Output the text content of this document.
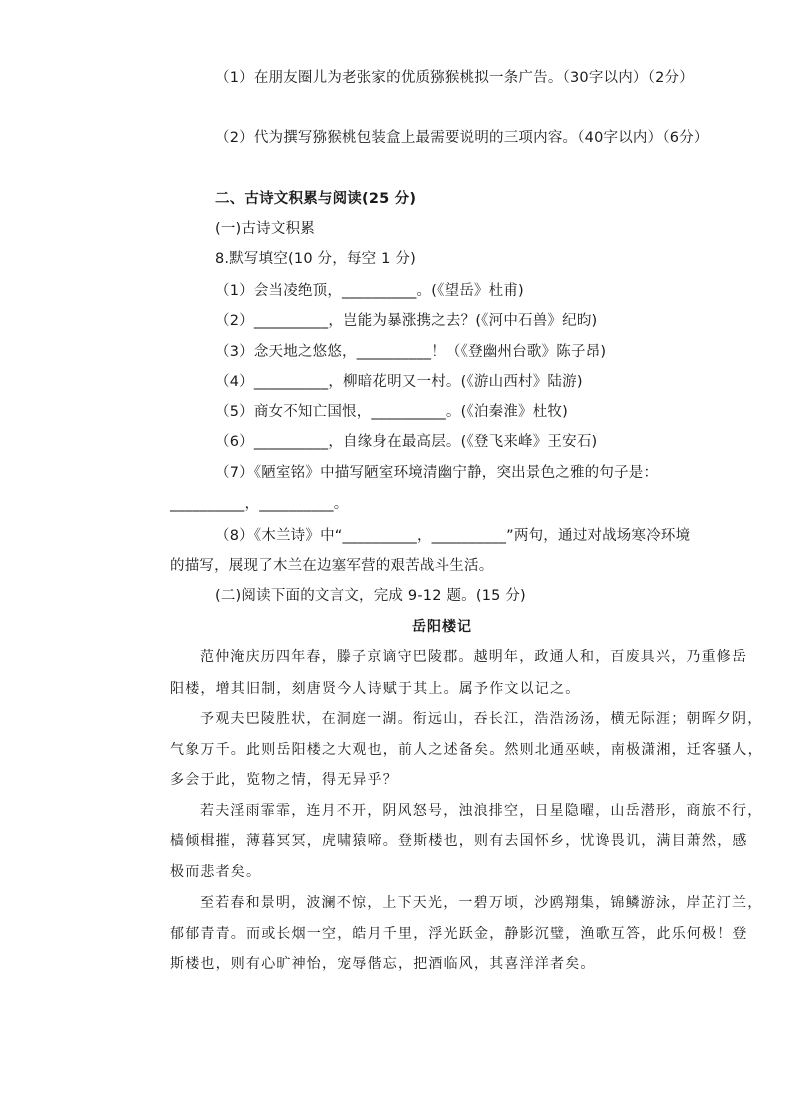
（1）在朋友圈儿为老张家的优质猕猴桃拟一条广告。（30字以内）（2分）
（2）代为撰写猕猴桃包装盒上最需要说明的三项内容。（40字以内）（6分）
二、古诗文积累与阅读(25 分)
(一)古诗文积累
8.默写填空(10 分，每空 1 分)
（1）会当凌绝顶，__________。(《望岳》杜甫)
（2）__________，岂能为暴涨携之去？(《河中石兽》纪昀)
（3）念天地之悠悠，__________！（《登幽州台歌》陈子昂)
（4）__________，柳暗花明又一村。(《游山西村》陆游)
（5）商女不知亡国恨，__________。(《泊秦淮》杜牧)
（6）__________，自缘身在最高层。(《登飞来峰》王安石)
（7）《陋室铭》中描写陋室环境清幽宁静，突出景色之雅的句子是：
__________，__________。
（8）《木兰诗》中“__________，__________”两句，通过对战场寒冷环境
的描写，展现了木兰在边塞军营的艰苦战斗生活。
(二)阅读下面的文言文，完成 9-12 题。(15 分)
岳阳楼记
范仲淹庆历四年春，滕子京谪守巴陵郡。越明年，政通人和，百废具兴，乃重修岳
阳楼，增其旧制，刻唐贤今人诗赋于其上。属予作文以记之。
予观夫巴陵胜状，在洞庭一湖。衔远山，吞长江，浩浩汤汤，横无际涯；朝晖夕阴，
气象万千。此则岳阳楼之大观也，前人之述备矣。然则北通巫峡，南极潇湘，迁客骚人，
多会于此，览物之情，得无异乎？
若夫淫雨霏霏，连月不开，阴风怒号，浊浪排空，日星隐曜，山岳潜形，商旅不行，
樯倾楫摧，薄暮冥冥，虎啸猿啼。登斯楼也，则有去国怀乡，忧谗畏讥，满目萧然，感
极而悲者矣。
至若春和景明，波澜不惊，上下天光，一碧万顷，沙鸥翔集，锦鳞游泳，岸芷汀兰，
郁郁青青。而或长烟一空，皓月千里，浮光跃金，静影沉璧，渔歌互答，此乐何极！登
斯楼也，则有心旷神怡，宠辱偕忘，把酒临风，其喜洋洋者矣。
